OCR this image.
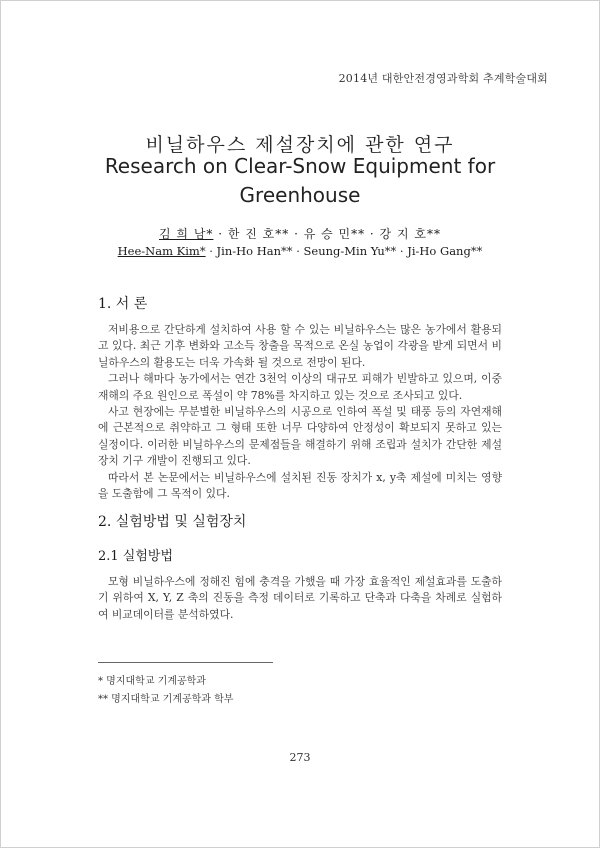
2014년 대한안전경영과학회 추계학술대회
비닐하우스 제설장치에 관한 연구
Research on Clear-Snow Equipment for
Greenhouse
김 희 남* · 한 진 호** · 유 승 민** · 강 지 호**
Hee-Nam Kim* · Jin-Ho Han** · Seung-Min Yu** · Ji-Ho Gang**
1. 서 론

저비용으로 간단하게 설치하여 사용 할 수 있는 비닐하우스는 많은 농가에서 활용되고 있다. 최근 기후 변화와 고소득 창출을 목적으로 온실 농업이 각광을 받게 되면서 비닐하우스의 활용도는 더욱 가속화 될 것으로 전망이 된다.

그러나 해마다 농가에서는 연간 3천억 이상의 대규모 피해가 빈발하고 있으며, 이중 재해의 주요 원인으로 폭설이 약 78%를 차지하고 있는 것으로 조사되고 있다.

사고 현장에는 무분별한 비닐하우스의 시공으로 인하여 폭설 및 태풍 등의 자연재해에 근본적으로 취약하고 그 형태 또한 너무 다양하여 안정성이 확보되지 못하고 있는 실정이다. 이러한 비닐하우스의 문제점들을 해결하기 위해 조립과 설치가 간단한 제설장치 기구 개발이 진행되고 있다.

따라서 본 논문에서는 비닐하우스에 설치된 진동 장치가 x, y축 제설에 미치는 영향을 도출함에 그 목적이 있다.

2. 실험방법 및 실험장치
2.1 실험방법

모형 비닐하우스에 정해진 힘에 충격을 가했을 때 가장 효율적인 제설효과를 도출하기 위하여 X, Y, Z 축의 진동을 측정 데이터로 기록하고 단축과 다축을 차례로 실험하여 비교데이터를 분석하였다.

* 명지대학교 기계공학과
** 명지대학교 기계공학과 학부
273
